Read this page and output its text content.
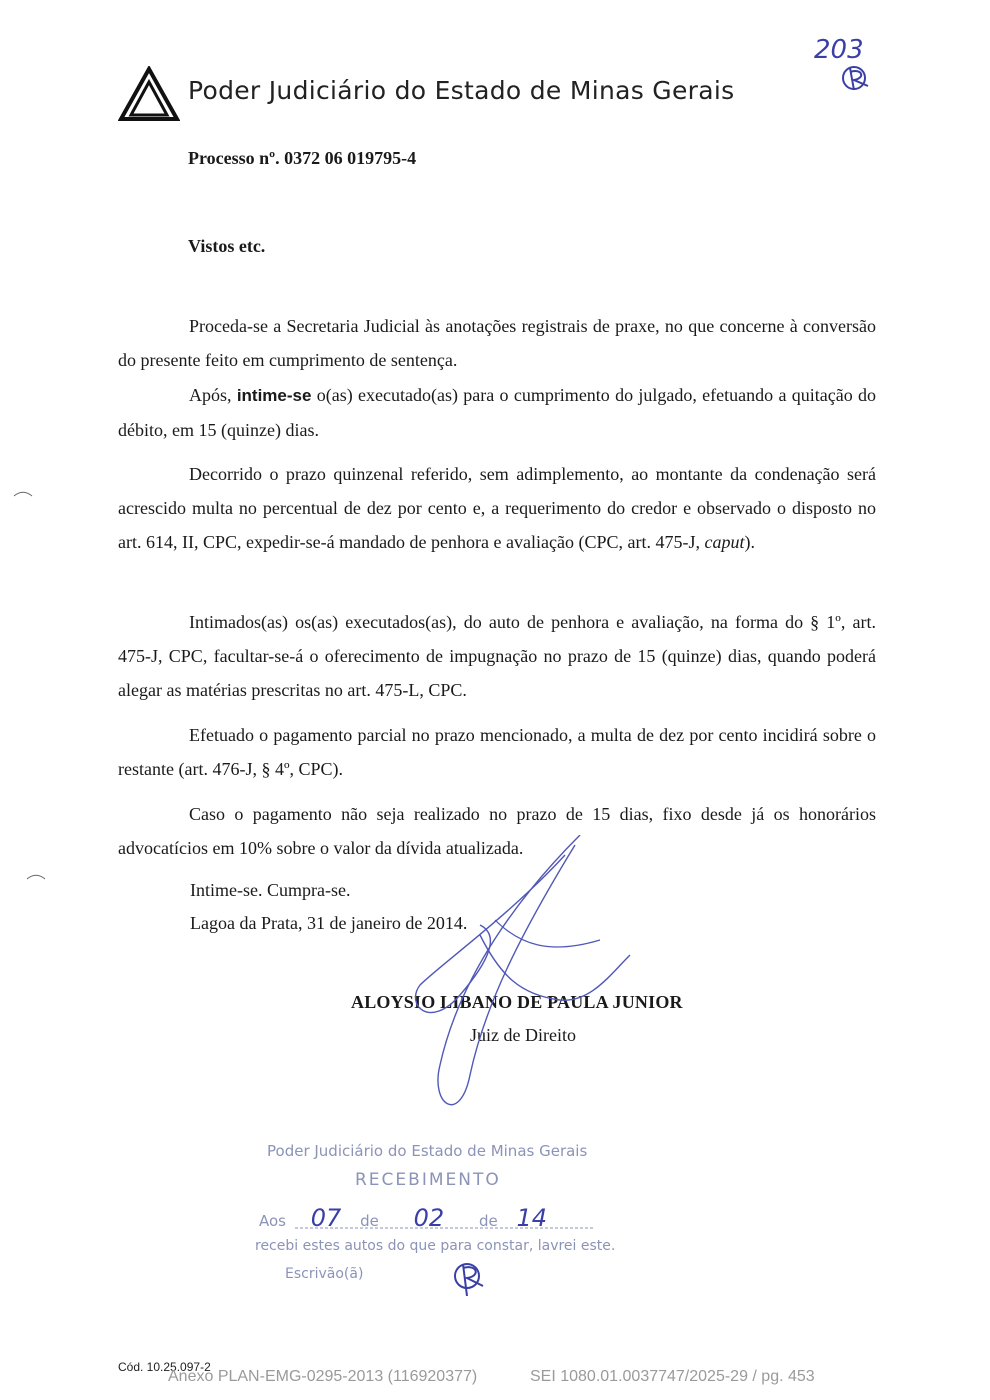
Poder Judiciário do Estado de Minas Gerais
203
Processo nº. 0372 06 019795-4
Vistos etc.

Proceda-se a Secretaria Judicial às anotações registrais de praxe, no que concerne à conversão do presente feito em cumprimento de sentença.

Após, intime-se o(as) executado(as) para o cumprimento do julgado, efetuando a quitação do débito, em 15 (quinze) dias.

Decorrido o prazo quinzenal referido, sem adimplemento, ao montante da condenação será acrescido multa no percentual de dez por cento e, a requerimento do credor e observado o disposto no art. 614, II, CPC, expedir-se-á mandado de penhora e avaliação (CPC, art. 475-J, caput).

Intimados(as) os(as) executados(as), do auto de penhora e avaliação, na forma do § 1º, art. 475-J, CPC, facultar-se-á o oferecimento de impugnação no prazo de 15 (quinze) dias, quando poderá alegar as matérias prescritas no art. 475-L, CPC.

Efetuado o pagamento parcial no prazo mencionado, a multa de dez por cento incidirá sobre o restante (art. 476-J, § 4º, CPC).

Caso o pagamento não seja realizado no prazo de 15 dias, fixo desde já os honorários advocatícios em 10% sobre o valor da dívida atualizada.

Intime-se. Cumpra-se.
Lagoa da Prata, 31 de janeiro de 2014.
ALOYSIO LIBANO DE PAULA JUNIOR
Juiz de Direito
Poder Judiciário do Estado de Minas Gerais
RECEBIMENTO
Aos 07 de 02 de 14
recebi estes autos do que para constar, lavrei este.
Escrivão(ã)
Cód. 10.25.097-2
Anexo PLAN-EMG-0295-2013 (116920377)	SEI 1080.01.0037747/2025-29 / pg. 453
